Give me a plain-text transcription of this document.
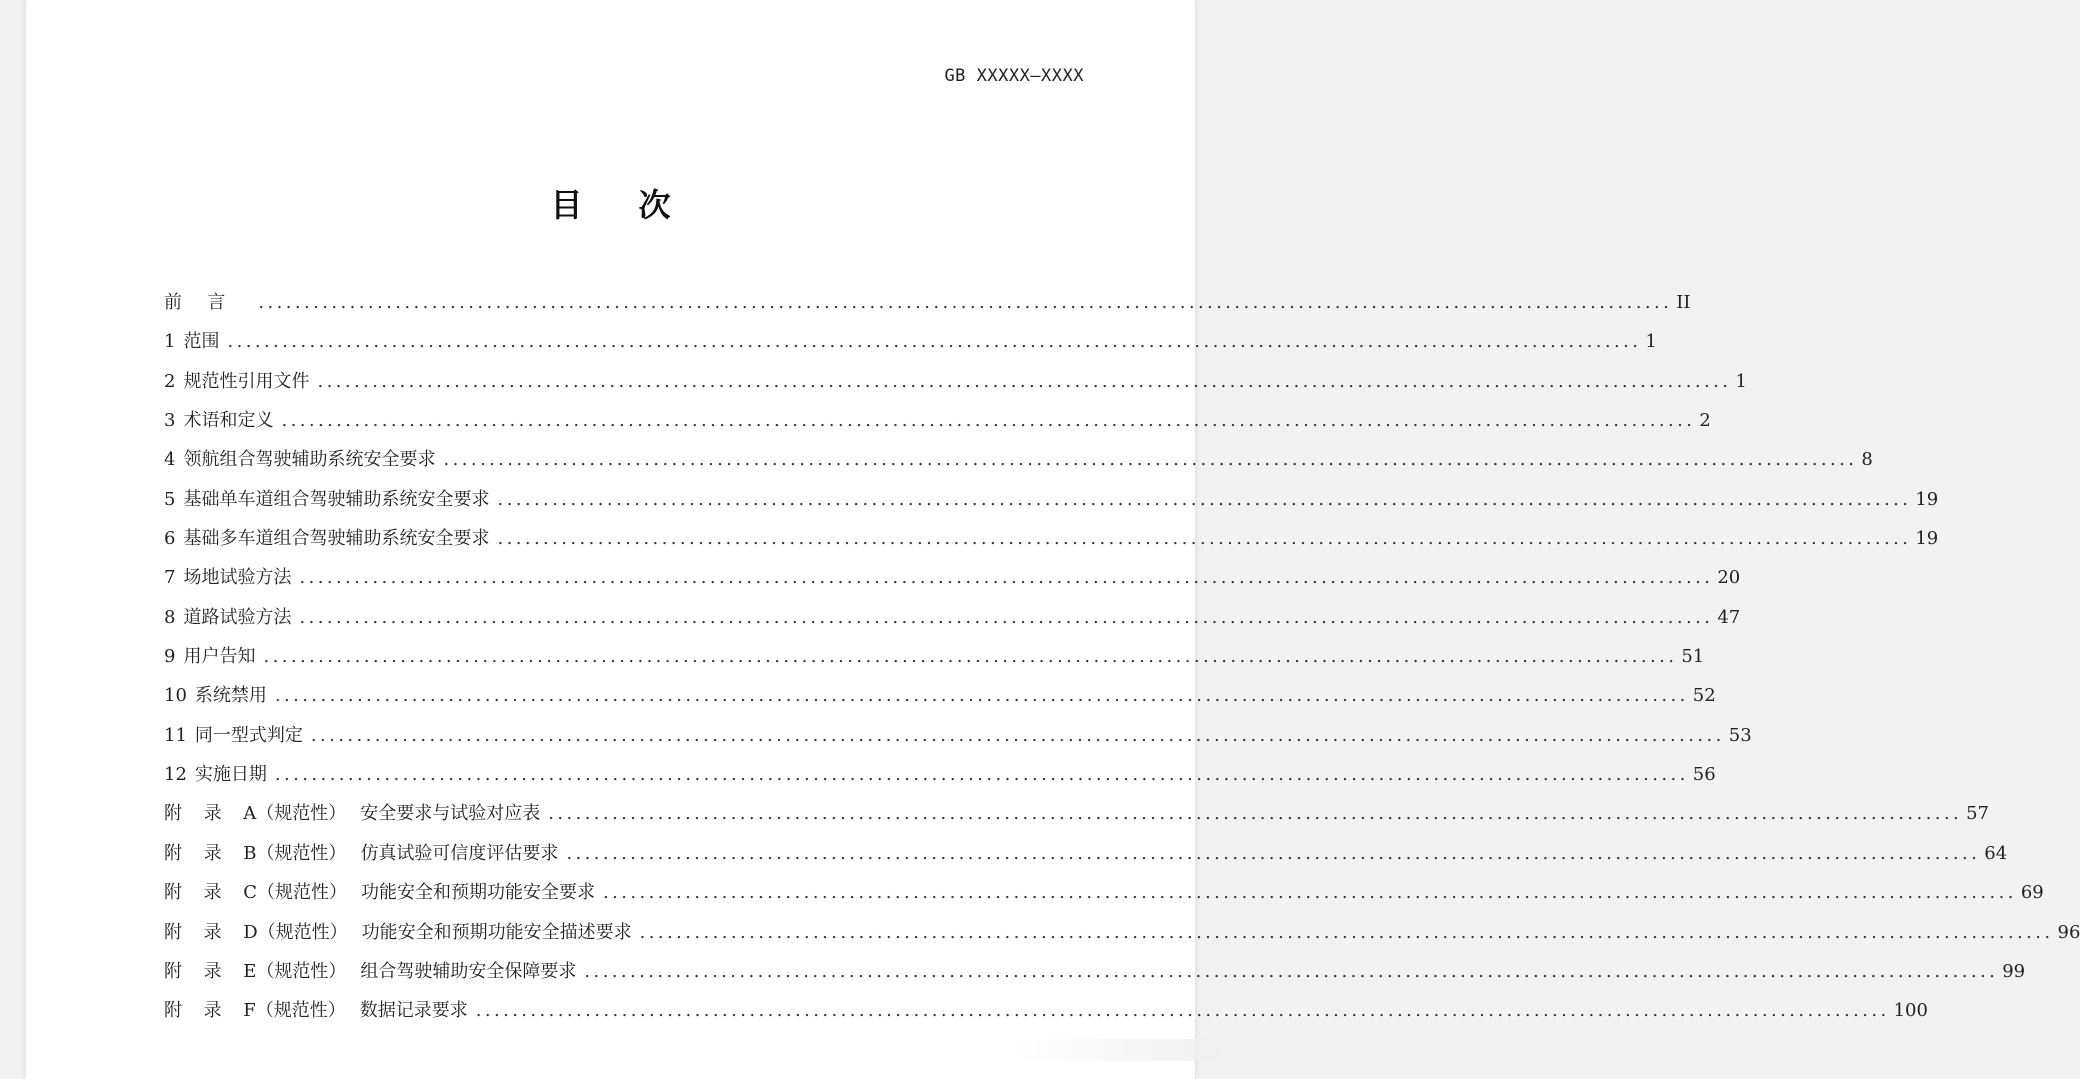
GB XXXXX—XXXX
目次
前言 ........................................................................................................................................................... II
1 范围 ........................................................................................................................................................... 1
2 规范性引用文件 ........................................................................................................................................................... 1
3 术语和定义 ........................................................................................................................................................... 2
4 领航组合驾驶辅助系统安全要求 ........................................................................................................................................................... 8
5 基础单车道组合驾驶辅助系统安全要求 ........................................................................................................................................................... 19
6 基础多车道组合驾驶辅助系统安全要求 ........................................................................................................................................................... 19
7 场地试验方法 ........................................................................................................................................................... 20
8 道路试验方法 ........................................................................................................................................................... 47
9 用户告知 ........................................................................................................................................................... 51
10 系统禁用 ........................................................................................................................................................... 52
11 同一型式判定 ........................................................................................................................................................... 53
12 实施日期 ........................................................................................................................................................... 56
附录 A （规范性） 安全要求与试验对应表 ........................................................................................................................................................... 57
附录 B （规范性） 仿真试验可信度评估要求 ........................................................................................................................................................... 64
附录 C （规范性） 功能安全和预期功能安全要求 ........................................................................................................................................................... 69
附录 D （规范性） 功能安全和预期功能安全描述要求 ........................................................................................................................................................... 96
附录 E （规范性） 组合驾驶辅助安全保障要求 ........................................................................................................................................................... 99
附录 F （规范性） 数据记录要求 ........................................................................................................................................................... 100
